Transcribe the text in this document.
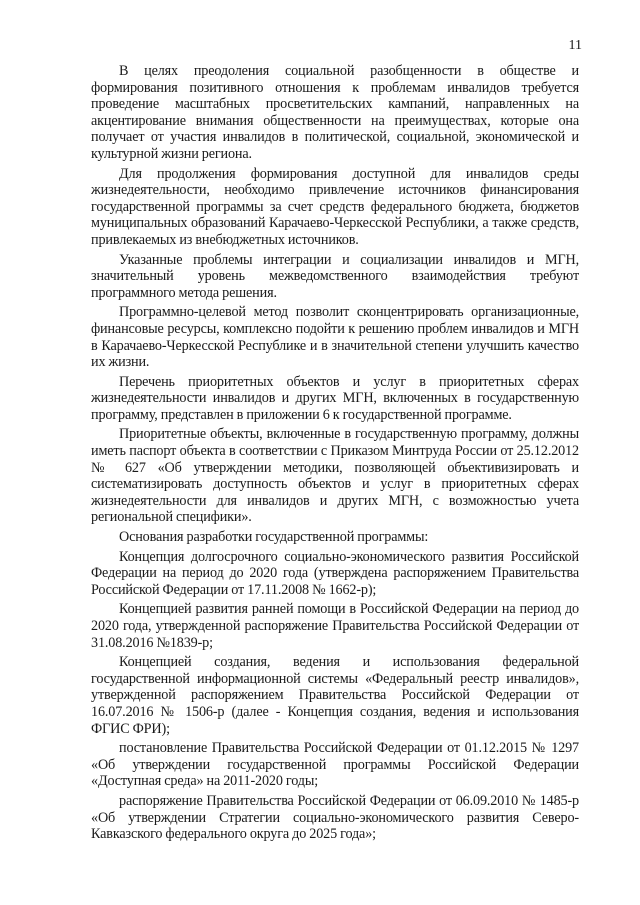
11

В целях преодоления социальной разобщенности в обществе и формирования позитивного отношения к проблемам инвалидов требуется проведение масштабных просветительских кампаний, направленных на акцентирование внимания общественности на преимуществах, которые она получает от участия инвалидов в политической, социальной, экономической и культурной жизни региона.

Для продолжения формирования доступной для инвалидов среды жизнедеятельности, необходимо привлечение источников финансирования государственной программы за счет средств федерального бюджета, бюджетов муниципальных образований Карачаево-Черкесской Республики, а также средств, привлекаемых из внебюджетных источников.

Указанные проблемы интеграции и социализации инвалидов и МГН, значительный уровень межведомственного взаимодействия требуют программного метода решения.

Программно-целевой метод позволит сконцентрировать организационные, финансовые ресурсы, комплексно подойти к решению проблем инвалидов и МГН в Карачаево-Черкесской Республике и в значительной степени улучшить качество их жизни.

Перечень приоритетных объектов и услуг в приоритетных сферах жизнедеятельности инвалидов и других МГН, включенных в государственную программу, представлен в приложении 6 к государственной программе.

Приоритетные объекты, включенные в государственную программу, должны иметь паспорт объекта в соответствии с Приказом Минтруда России от 25.12.2012 № 627 «Об утверждении методики, позволяющей объективизировать и систематизировать доступность объектов и услуг в приоритетных сферах жизнедеятельности для инвалидов и других МГН, с возможностью учета региональной специфики».

Основания разработки государственной программы:

Концепция долгосрочного социально-экономического развития Российской Федерации на период до 2020 года (утверждена распоряжением Правительства Российской Федерации от 17.11.2008 № 1662-р);

Концепцией развития ранней помощи в Российской Федерации на период до 2020 года, утвержденной распоряжение Правительства Российской Федерации от 31.08.2016 №1839-р;

Концепцией создания, ведения и использования федеральной государственной информационной системы «Федеральный реестр инвалидов», утвержденной распоряжением Правительства Российской Федерации от 16.07.2016 № 1506-р (далее - Концепция создания, ведения и использования ФГИС ФРИ);

постановление Правительства Российской Федерации от 01.12.2015 № 1297 «Об утверждении государственной программы Российской Федерации «Доступная среда» на 2011-2020 годы;

распоряжение Правительства Российской Федерации от 06.09.2010 № 1485-р «Об утверждении Стратегии социально-экономического развития Северо-Кавказского федерального округа до 2025 года»;
